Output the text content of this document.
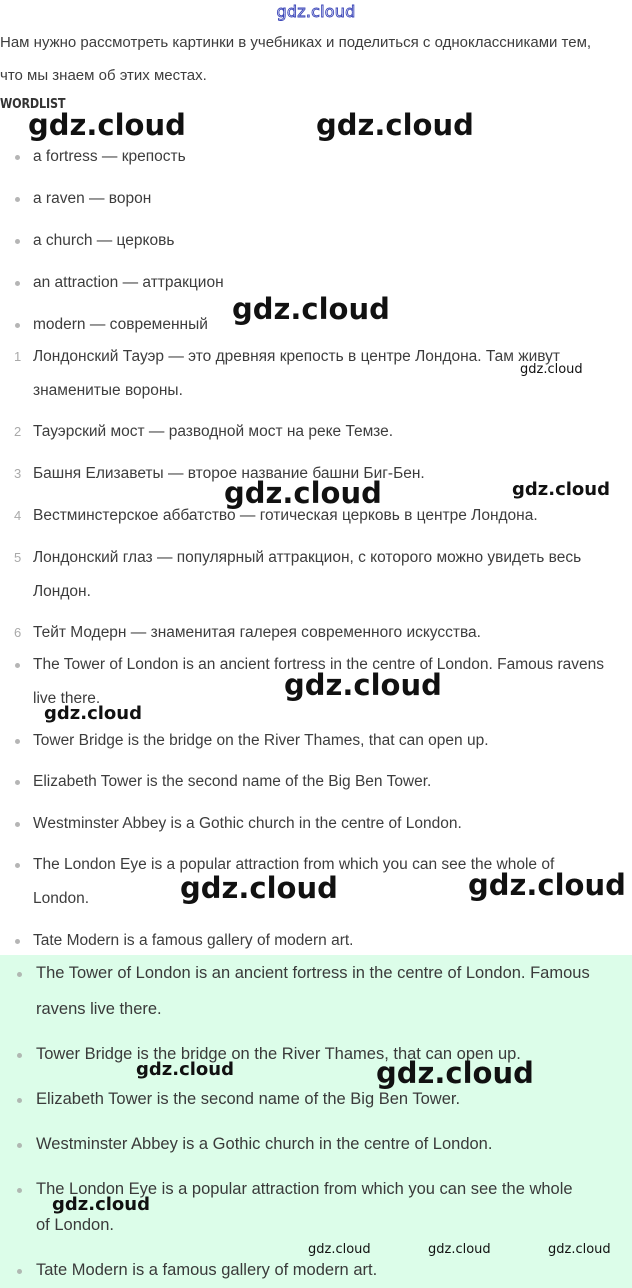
gdz.cloud

Нам нужно рассмотреть картинки в учебниках и поделиться с одноклассниками тем, что мы знаем об этих местах.

WORDLIST
a fortress — крепость
a raven — ворон
a church — церковь
an attraction — аттракцион
modern — современный
1 Лондонский Тауэр — это древняя крепость в центре Лондона. Там живут знаменитые вороны.
2 Тауэрский мост — разводной мост на реке Темзе.
3 Башня Елизаветы — второе название башни Биг-Бен.
4 Вестминстерское аббатство — готическая церковь в центре Лондона.
5 Лондонский глаз — популярный аттракцион, с которого можно увидеть весь Лондон.
6 Тейт Модерн — знаменитая галерея современного искусства.
The Tower of London is an ancient fortress in the centre of London. Famous ravens live there.
Tower Bridge is the bridge on the River Thames, that can open up.
Elizabeth Tower is the second name of the Big Ben Tower.
Westminster Abbey is a Gothic church in the centre of London.
The London Eye is a popular attraction from which you can see the whole of London.
Tate Modern is a famous gallery of modern art.
The Tower of London is an ancient fortress in the centre of London. Famous ravens live there.
Tower Bridge is the bridge on the River Thames, that can open up.
Elizabeth Tower is the second name of the Big Ben Tower.
Westminster Abbey is a Gothic church in the centre of London.
The London Eye is a popular attraction from which you can see the whole of London.
Tate Modern is a famous gallery of modern art.
gdz.cloud	gdz.cloud
gdz.cloud
gdz.cloud
gdz.cloud	gdz.cloud
gdz.cloud
gdz.cloud
gdz.cloud	gdz.cloud
gdz.cloud	gdz.cloud
gdz.cloud
gdz.cloud	gdz.cloud	gdz.cloud
